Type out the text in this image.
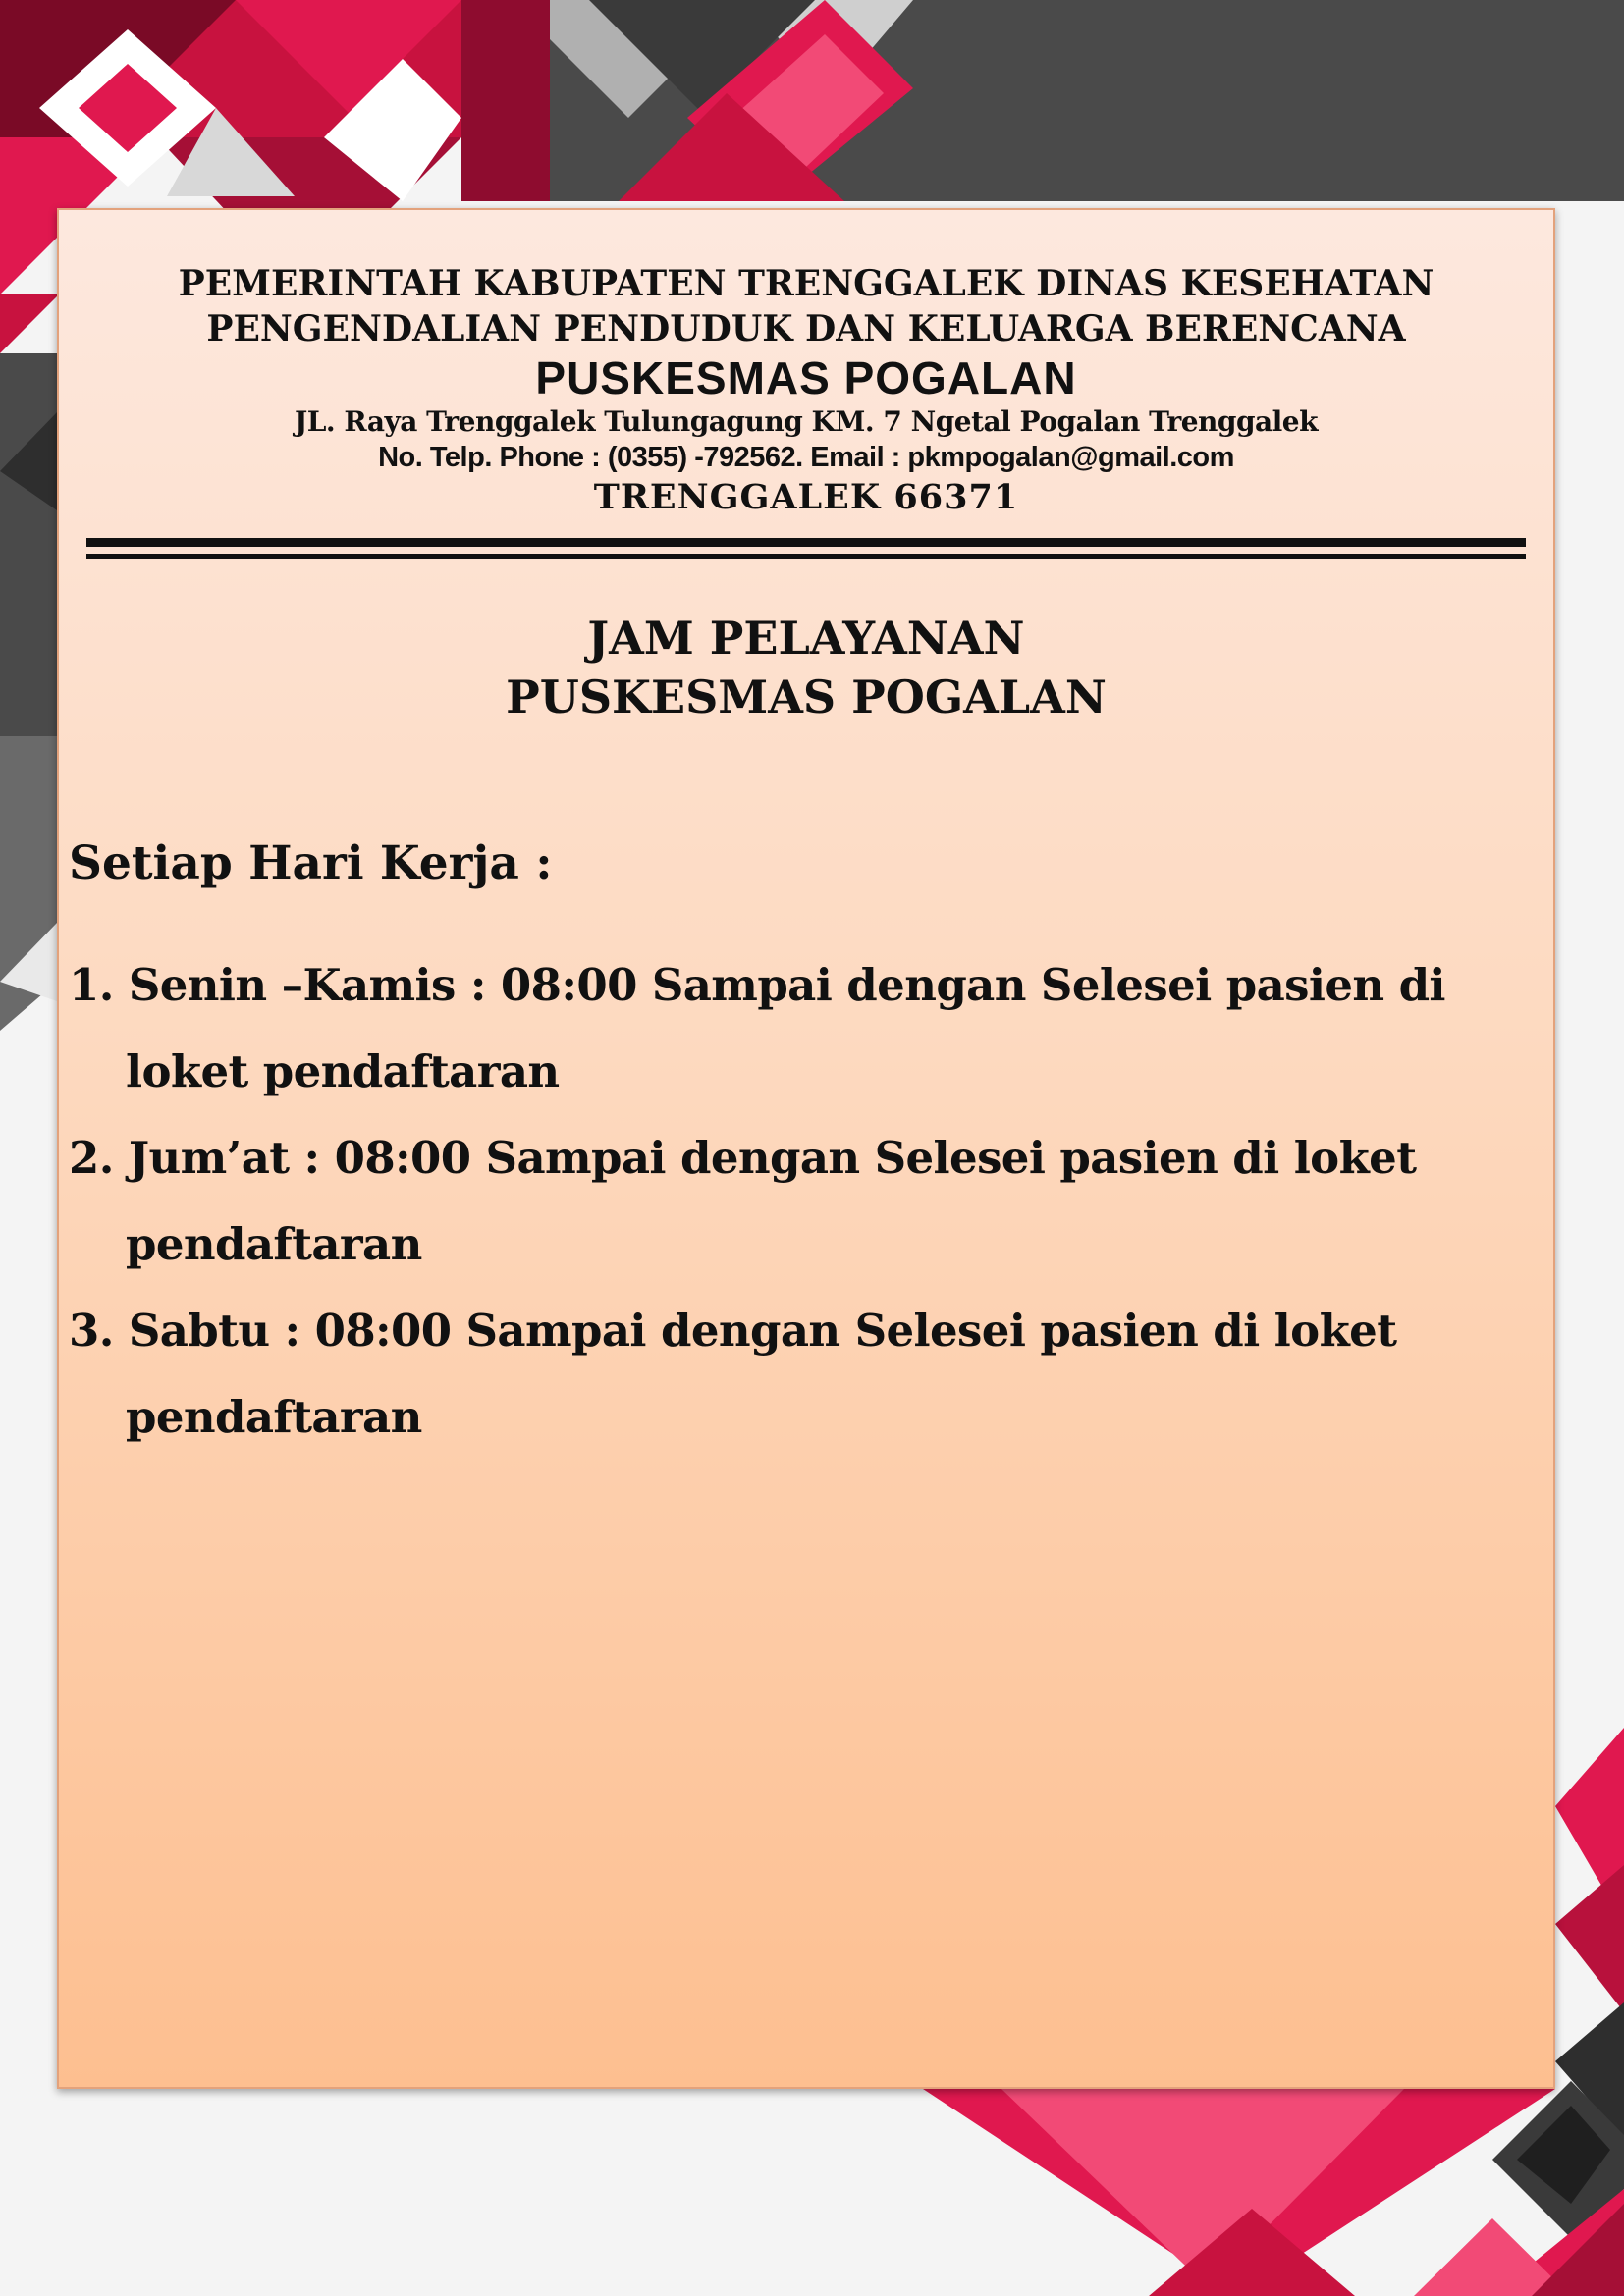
PEMERINTAH KABUPATEN TRENGGALEK DINAS KESEHATAN
PENGENDALIAN PENDUDUK DAN KELUARGA BERENCANA
PUSKESMAS POGALAN
JL. Raya Trenggalek Tulungagung KM. 7 Ngetal Pogalan Trenggalek
No. Telp. Phone : (0355) -792562. Email : pkmpogalan@gmail.com
TRENGGALEK 66371
JAM PELAYANAN
PUSKESMAS POGALAN
Setiap Hari Kerja :
1. Senin –Kamis : 08:00 Sampai dengan Selesei pasien di loket pendaftaran
2. Jum’at : 08:00 Sampai dengan Selesei pasien di loket pendaftaran
3. Sabtu : 08:00 Sampai dengan Selesei pasien di loket pendaftaran
